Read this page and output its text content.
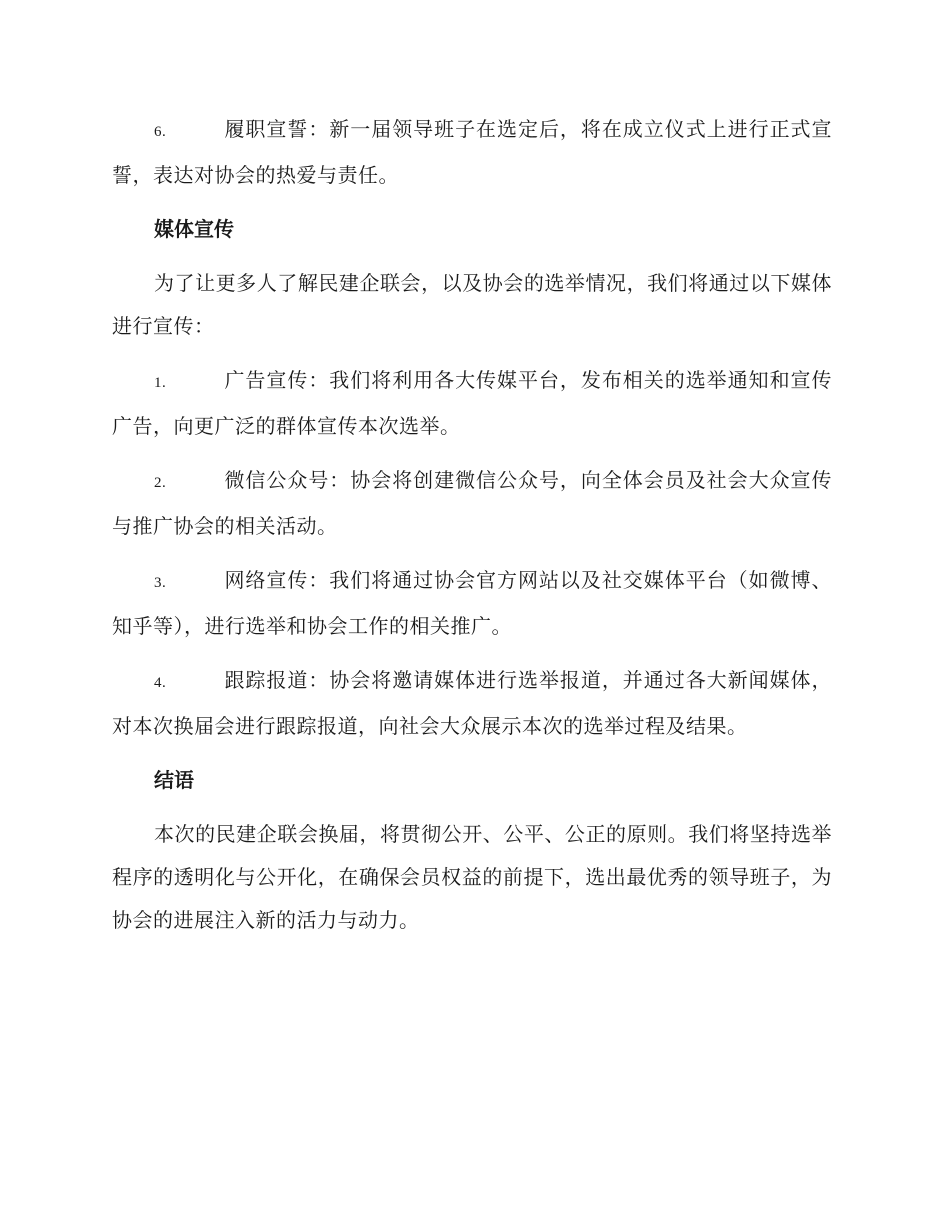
6.	履职宣誓：新一届领导班子在选定后，将在成立仪式上进行正式宣誓，表达对协会的热爱与责任。

媒体宣传

为了让更多人了解民建企联会，以及协会的选举情况，我们将通过以下媒体进行宣传：

1.	广告宣传：我们将利用各大传媒平台，发布相关的选举通知和宣传广告，向更广泛的群体宣传本次选举。

2.	微信公众号：协会将创建微信公众号，向全体会员及社会大众宣传与推广协会的相关活动。

3.	网络宣传：我们将通过协会官方网站以及社交媒体平台（如微博、知乎等），进行选举和协会工作的相关推广。

4.	跟踪报道：协会将邀请媒体进行选举报道，并通过各大新闻媒体，对本次换届会进行跟踪报道，向社会大众展示本次的选举过程及结果。

结语

本次的民建企联会换届，将贯彻公开、公平、公正的原则。我们将坚持选举程序的透明化与公开化，在确保会员权益的前提下，选出最优秀的领导班子，为协会的进展注入新的活力与动力。
